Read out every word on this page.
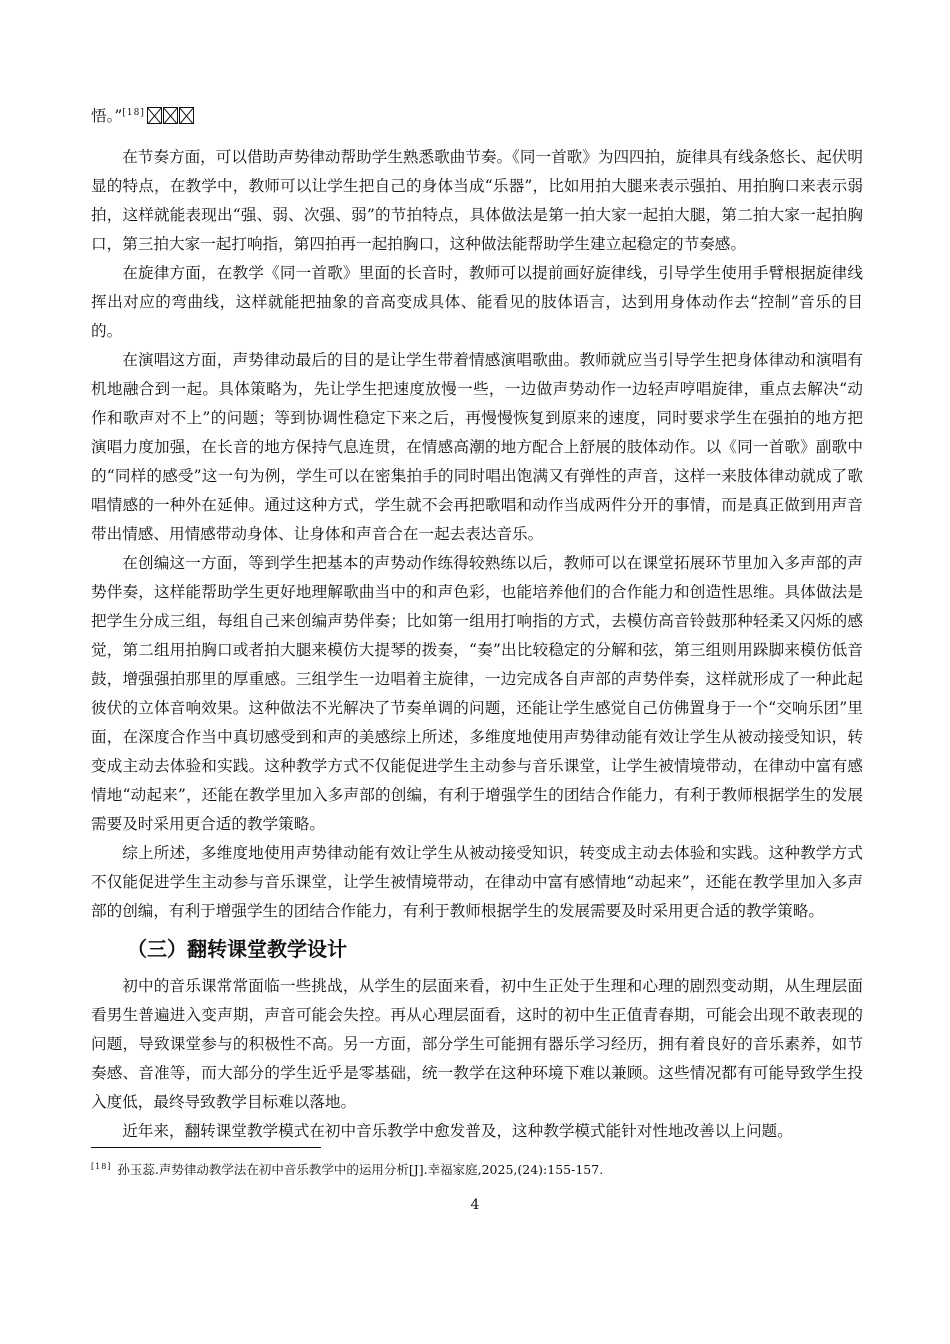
悟。”[18]

在节奏方面，可以借助声势律动帮助学生熟悉歌曲节奏。《同一首歌》为四四拍，旋律具有线条悠长、起伏明显的特点，在教学中，教师可以让学生把自己的身体当成“乐器”，比如用拍大腿来表示强拍、用拍胸口来表示弱拍，这样就能表现出“强、弱、次强、弱”的节拍特点，具体做法是第一拍大家一起拍大腿，第二拍大家一起拍胸口，第三拍大家一起打响指，第四拍再一起拍胸口，这种做法能帮助学生建立起稳定的节奏感。

在旋律方面，在教学《同一首歌》里面的长音时，教师可以提前画好旋律线，引导学生使用手臂根据旋律线挥出对应的弯曲线，这样就能把抽象的音高变成具体、能看见的肢体语言，达到用身体动作去“控制”音乐的目的。

在演唱这方面，声势律动最后的目的是让学生带着情感演唱歌曲。教师就应当引导学生把身体律动和演唱有机地融合到一起。具体策略为，先让学生把速度放慢一些，一边做声势动作一边轻声哼唱旋律，重点去解决“动作和歌声对不上”的问题；等到协调性稳定下来之后，再慢慢恢复到原来的速度，同时要求学生在强拍的地方把演唱力度加强，在长音的地方保持气息连贯，在情感高潮的地方配合上舒展的肢体动作。以《同一首歌》副歌中的“同样的感受”这一句为例，学生可以在密集拍手的同时唱出饱满又有弹性的声音，这样一来肢体律动就成了歌唱情感的一种外在延伸。通过这种方式，学生就不会再把歌唱和动作当成两件分开的事情，而是真正做到用声音带出情感、用情感带动身体、让身体和声音合在一起去表达音乐。

在创编这一方面，等到学生把基本的声势动作练得较熟练以后，教师可以在课堂拓展环节里加入多声部的声势伴奏，这样能帮助学生更好地理解歌曲当中的和声色彩，也能培养他们的合作能力和创造性思维。具体做法是把学生分成三组，每组自己来创编声势伴奏；比如第一组用打响指的方式，去模仿高音铃鼓那种轻柔又闪烁的感觉，第二组用拍胸口或者拍大腿来模仿大提琴的拨奏，“奏”出比较稳定的分解和弦，第三组则用跺脚来模仿低音鼓，增强强拍那里的厚重感。三组学生一边唱着主旋律，一边完成各自声部的声势伴奏，这样就形成了一种此起彼伏的立体音响效果。这种做法不光解决了节奏单调的问题，还能让学生感觉自己仿佛置身于一个“交响乐团”里面，在深度合作当中真切感受到和声的美感综上所述，多维度地使用声势律动能有效让学生从被动接受知识，转变成主动去体验和实践。这种教学方式不仅能促进学生主动参与音乐课堂，让学生被情境带动，在律动中富有感情地“动起来”，还能在教学里加入多声部的创编，有利于增强学生的团结合作能力，有利于教师根据学生的发展需要及时采用更合适的教学策略。

综上所述，多维度地使用声势律动能有效让学生从被动接受知识，转变成主动去体验和实践。这种教学方式不仅能促进学生主动参与音乐课堂，让学生被情境带动，在律动中富有感情地“动起来”，还能在教学里加入多声部的创编，有利于增强学生的团结合作能力，有利于教师根据学生的发展需要及时采用更合适的教学策略。

（三）翻转课堂教学设计

初中的音乐课常常面临一些挑战，从学生的层面来看，初中生正处于生理和心理的剧烈变动期，从生理层面看男生普遍进入变声期，声音可能会失控。再从心理层面看，这时的初中生正值青春期，可能会出现不敢表现的问题，导致课堂参与的积极性不高。另一方面，部分学生可能拥有器乐学习经历，拥有着良好的音乐素养，如节奏感、音准等，而大部分的学生近乎是零基础，统一教学在这种环境下难以兼顾。这些情况都有可能导致学生投入度低，最终导致教学目标难以落地。

近年来，翻转课堂教学模式在初中音乐教学中愈发普及，这种教学模式能针对性地改善以上问题。

[18] 孙玉蕊.声势律动教学法在初中音乐教学中的运用分析[J].幸福家庭,2025,(24):155-157.
4
